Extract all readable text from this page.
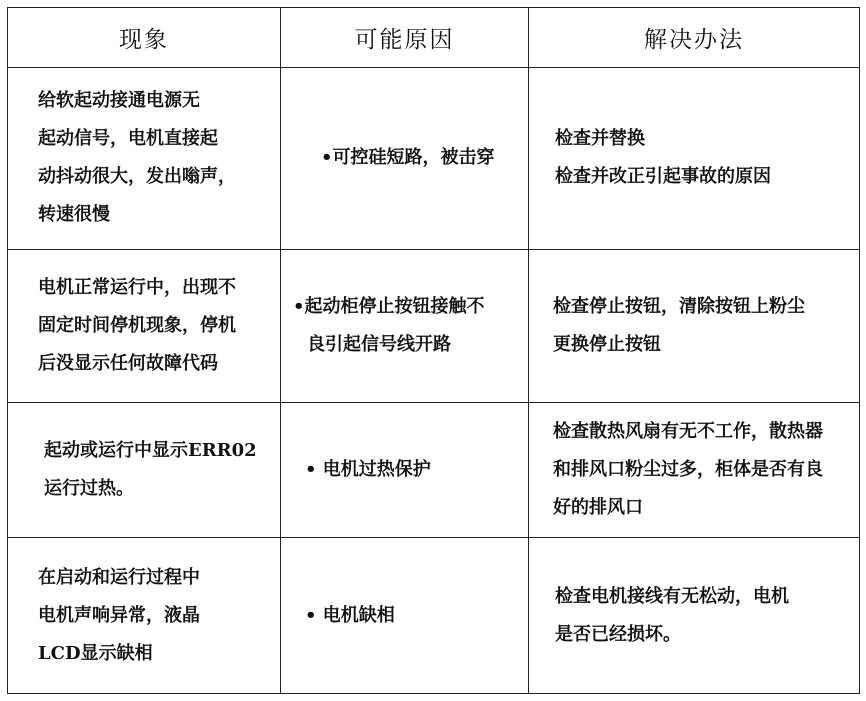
现象	可能原因	解决办法

给软起动接通电源无
起动信号，电机直接起
动抖动很大，发出嗡声，
转速很慢	•可控硅短路，被击穿	检查并替换
检查并改正引起事故的原因

电机正常运行中，出现不
固定时间停机现象，停机
后没显示任何故障代码	•起动柜停止按钮接触不
良引起信号线开路	检查停止按钮，清除按钮上粉尘
更换停止按钮

起动或运行中显示ERR02
运行过热。	• 电机过热保护	检查散热风扇有无不工作，散热器
和排风口粉尘过多，柜体是否有良
好的排风口

在启动和运行过程中
电机声响异常，液晶
LCD显示缺相	• 电机缺相	检查电机接线有无松动，电机
是否已经损坏。
